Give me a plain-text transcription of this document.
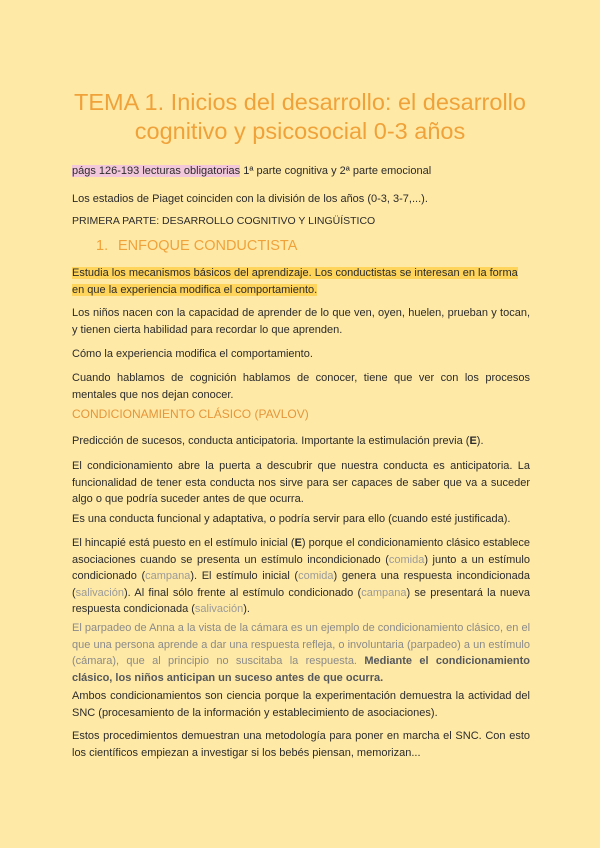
TEMA 1. Inicios del desarrollo: el desarrollo cognitivo y psicosocial 0-3 años

págs 126-193 lecturas obligatorias 1ª parte cognitiva y 2ª parte emocional

Los estadios de Piaget coinciden con la división de los años (0-3, 3-7,...).

PRIMERA PARTE: DESARROLLO COGNITIVO Y LINGÜÍSTICO

1. ENFOQUE CONDUCTISTA

Estudia los mecanismos básicos del aprendizaje. Los conductistas se interesan en la forma en que la experiencia modifica el comportamiento.

Los niños nacen con la capacidad de aprender de lo que ven, oyen, huelen, prueban y tocan, y tienen cierta habilidad para recordar lo que aprenden.

Cómo la experiencia modifica el comportamiento.

Cuando hablamos de cognición hablamos de conocer, tiene que ver con los procesos mentales que nos dejan conocer.

CONDICIONAMIENTO CLÁSICO (PAVLOV)

Predicción de sucesos, conducta anticipatoria. Importante la estimulación previa (E).

El condicionamiento abre la puerta a descubrir que nuestra conducta es anticipatoria. La funcionalidad de tener esta conducta nos sirve para ser capaces de saber que va a suceder algo o que podría suceder antes de que ocurra.

Es una conducta funcional y adaptativa, o podría servir para ello (cuando esté justificada).

El hincapié está puesto en el estímulo inicial (E) porque el condicionamiento clásico establece asociaciones cuando se presenta un estímulo incondicionado (comida) junto a un estímulo condicionado (campana). El estímulo inicial (comida) genera una respuesta incondicionada (salivación). Al final sólo frente al estímulo condicionado (campana) se presentará la nueva respuesta condicionada (salivación).

El parpadeo de Anna a la vista de la cámara es un ejemplo de condicionamiento clásico, en el que una persona aprende a dar una respuesta refleja, o involuntaria (parpadeo) a un estímulo (cámara), que al principio no suscitaba la respuesta. Mediante el condicionamiento clásico, los niños anticipan un suceso antes de que ocurra.

Ambos condicionamientos son ciencia porque la experimentación demuestra la actividad del SNC (procesamiento de la información y establecimiento de asociaciones).

Estos procedimientos demuestran una metodología para poner en marcha el SNC. Con esto los científicos empiezan a investigar si los bebés piensan, memorizan...
